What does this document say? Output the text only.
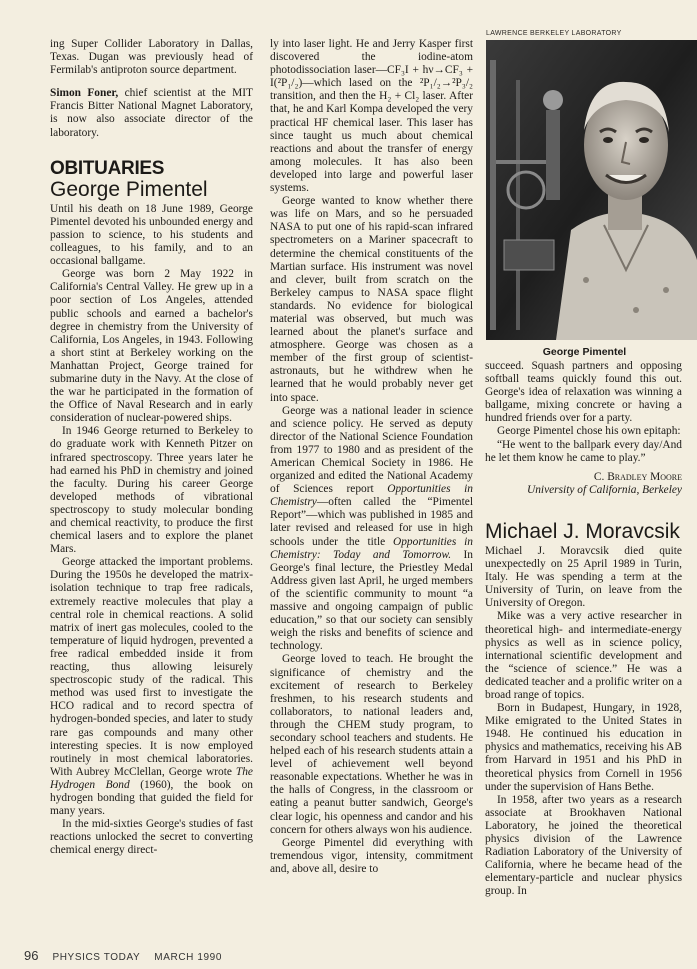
ing Super Collider Laboratory in Dallas, Texas. Dugan was previously head of Fermilab's antiproton source department.

Simon Foner, chief scientist at the MIT Francis Bitter National Magnet Laboratory, is now also associate director of the laboratory.

OBITUARIES
George Pimentel

Until his death on 18 June 1989, George Pimentel devoted his unbounded energy and passion to science, to his students and colleagues, to his family, and to an occasional ballgame.

George was born 2 May 1922 in California's Central Valley. He grew up in a poor section of Los Angeles, attended public schools and earned a bachelor's degree in chemistry from the University of California, Los Angeles, in 1943. Following a short stint at Berkeley working on the Manhattan Project, George trained for submarine duty in the Navy. At the close of the war he participated in the formation of the Office of Naval Research and in early consideration of nuclear-powered ships.

In 1946 George returned to Berkeley to do graduate work with Kenneth Pitzer on infrared spectroscopy. Three years later he had earned his PhD in chemistry and joined the faculty. During his career George developed methods of vibrational spectroscopy to study molecular bonding and chemical reactivity, to produce the first chemical lasers and to explore the planet Mars.

George attacked the important problems. During the 1950s he developed the matrix-isolation technique to trap free radicals, extremely reactive molecules that play a central role in chemical reactions. A solid matrix of inert gas molecules, cooled to the temperature of liquid hydrogen, prevented a free radical embedded inside it from reacting, thus allowing leisurely spectroscopic study of the radical. This method was used first to investigate the HCO radical and to record spectra of hydrogen-bonded species, and later to study rare gas compounds and many other interesting species. It is now employed routinely in most chemical laboratories. With Aubrey McClellan, George wrote The Hydrogen Bond (1960), the book on hydrogen bonding that guided the field for many years.

In the mid-sixties George's studies of fast reactions unlocked the secret to converting chemical energy direct-

ly into laser light. He and Jerry Kasper first discovered the iodine-atom photodissociation laser—CF₃I + hν→CF₃ + I(²P₁/₂)—which lased on the ²P₁/₂→²P₃/₂ transition, and then the H₂ + Cl₂ laser. After that, he and Karl Kompa developed the very practical HF chemical laser. This laser has since taught us much about chemical reactions and about the transfer of energy among molecules. It has also been developed into large and powerful laser systems.

George wanted to know whether there was life on Mars, and so he persuaded NASA to put one of his rapid-scan infrared spectrometers on a Mariner spacecraft to determine the chemical constituents of the Martian surface. His instrument was novel and clever, built from scratch on the Berkeley campus to NASA space flight standards. No evidence for biological material was observed, but much was learned about the planet's surface and atmosphere. George was chosen as a member of the first group of scientist-astronauts, but he withdrew when he learned that he would probably never get into space.

George was a national leader in science and science policy. He served as deputy director of the National Science Foundation from 1977 to 1980 and as president of the American Chemical Society in 1986. He organized and edited the National Academy of Sciences report Opportunities in Chemistry—often called the “Pimentel Report”—which was published in 1985 and later revised and released for use in high schools under the title Opportunities in Chemistry: Today and Tomorrow. In George's final lecture, the Priestley Medal Address given last April, he urged members of the scientific community to mount “a massive and ongoing campaign of public education,” so that our society can sensibly weigh the risks and benefits of science and technology.

George loved to teach. He brought the significance of chemistry and the excitement of research to Berkeley freshmen, to his research students and collaborators, to national leaders and, through the CHEM study program, to secondary school teachers and students. He helped each of his research students attain a level of achievement well beyond reasonable expectations. Whether he was in the halls of Congress, in the classroom or eating a peanut butter sandwich, George's clear logic, his openness and candor and his concern for others always won his audience.

George Pimentel did everything with tremendous vigor, intensity, commitment and, above all, desire to

LAWRENCE BERKELEY LABORATORY
George Pimentel

succeed. Squash partners and opposing softball teams quickly found this out. George's idea of relaxation was winning a ballgame, mixing concrete or having a hundred friends over for a party.

George Pimentel chose his own epitaph:

“He went to the ballpark every day/And he let them know he came to play.”

C. Bradley Moore
University of California, Berkeley
Michael J. Moravcsik

Michael J. Moravcsik died quite unexpectedly on 25 April 1989 in Turin, Italy. He was spending a term at the University of Turin, on leave from the University of Oregon.

Mike was a very active researcher in theoretical high- and intermediate-energy physics as well as in science policy, international scientific development and the “science of science.” He was a dedicated teacher and a prolific writer on a broad range of topics.

Born in Budapest, Hungary, in 1928, Mike emigrated to the United States in 1948. He continued his education in physics and mathematics, receiving his AB from Harvard in 1951 and his PhD in theoretical physics from Cornell in 1956 under the supervision of Hans Bethe.

In 1958, after two years as a research associate at Brookhaven National Laboratory, he joined the theoretical physics division of the Lawrence Radiation Laboratory of the University of California, where he became head of the elementary-particle and nuclear physics group. In

96 PHYSICS TODAY MARCH 1990
